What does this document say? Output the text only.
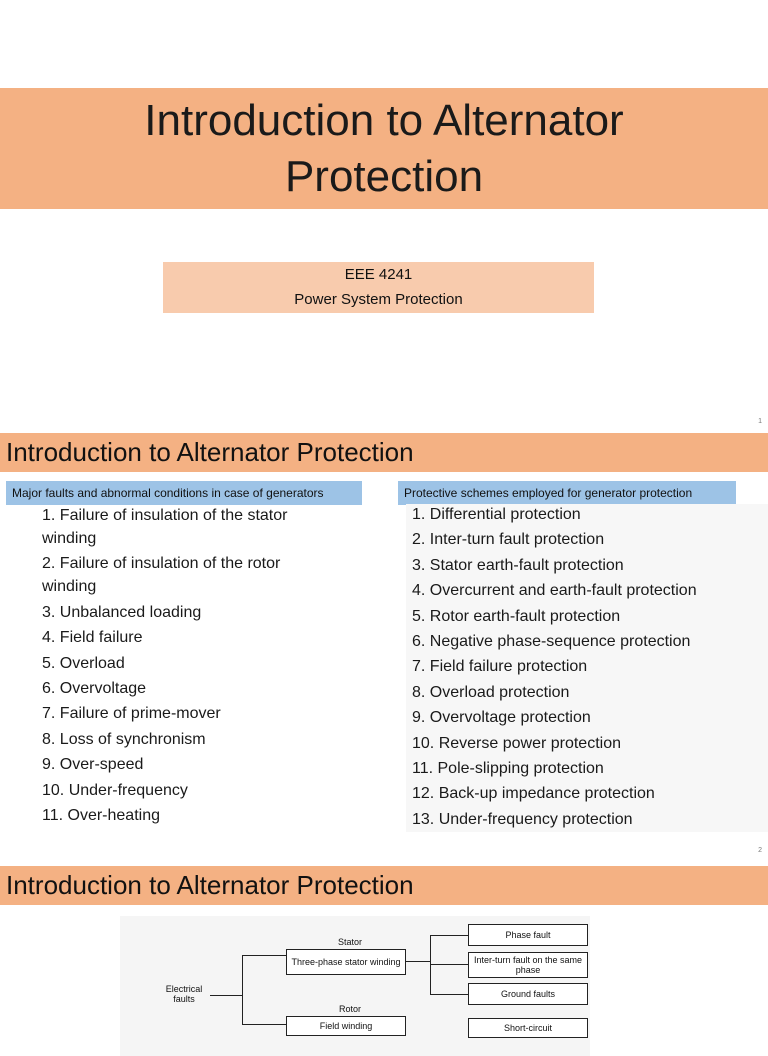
Introduction to Alternator
Protection
EEE 4241
Power System Protection
1
Introduction to Alternator Protection
Major faults and abnormal conditions in case of generators	Protective schemes employed for generator protection
1. Failure of insulation of the stator winding
2. Failure of insulation of the rotor winding
3. Unbalanced loading
4. Field failure
5. Overload
6. Overvoltage
7. Failure of prime-mover
8. Loss of synchronism
9. Over-speed
10. Under-frequency
11. Over-heating
1. Differential protection
2. Inter-turn fault protection
3. Stator earth-fault protection
4. Overcurrent and earth-fault protection
5. Rotor earth-fault protection
6. Negative phase-sequence protection
7. Field failure protection
8. Overload protection
9. Overvoltage protection
10. Reverse power protection
11. Pole-slipping protection
12. Back-up impedance protection
13. Under-frequency protection
2
Introduction to Alternator Protection
Electrical faults
Stator
Three-phase stator winding
Rotor
Field winding
Phase fault
Inter-turn fault on the same phase
Ground faults
Short-circuit
